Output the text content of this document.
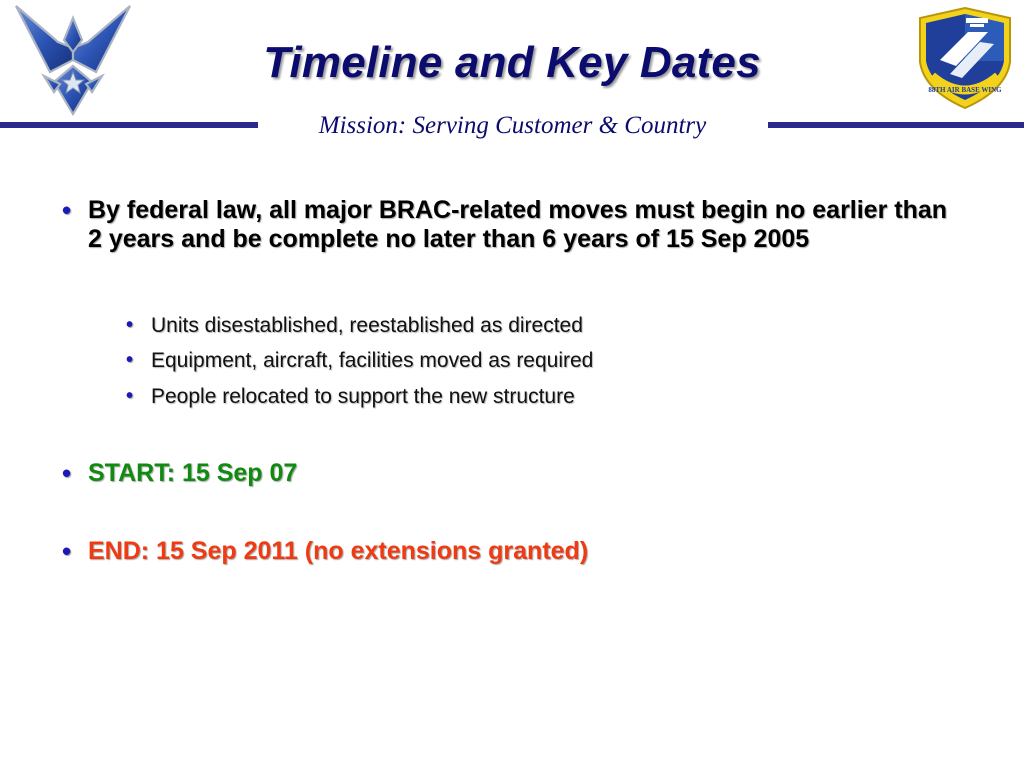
88TH AIR BASE WING
Timeline and Key Dates
Mission: Serving Customer & Country
• By federal law, all major BRAC-related moves must begin no earlier than 2 years and be complete no later than 6 years of 15 Sep 2005
• Units disestablished, reestablished as directed
• Equipment, aircraft, facilities moved as required
• People relocated to support the new structure
• START: 15 Sep 07
• END: 15 Sep 2011 (no extensions granted)
